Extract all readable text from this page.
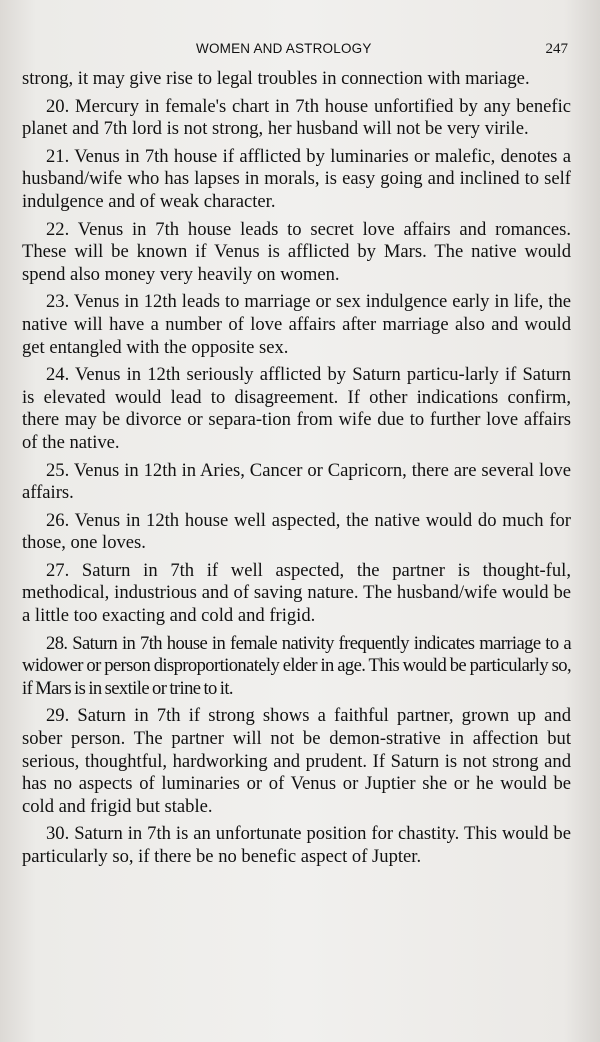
WOMEN AND ASTROLOGY	247

strong, it may give rise to legal troubles in connection with mariage.

20. Mercury in female's chart in 7th house unfortified by any benefic planet and 7th lord is not strong, her husband will not be very virile.

21. Venus in 7th house if afflicted by luminaries or malefic, denotes a husband/wife who has lapses in morals, is easy going and inclined to self indulgence and of weak character.

22. Venus in 7th house leads to secret love affairs and romances. These will be known if Venus is afflicted by Mars. The native would spend also money very heavily on women.

23. Venus in 12th leads to marriage or sex indulgence early in life, the native will have a number of love affairs after marriage also and would get entangled with the opposite sex.

24. Venus in 12th seriously afflicted by Saturn particu-larly if Saturn is elevated would lead to disagreement. If other indications confirm, there may be divorce or separa-tion from wife due to further love affairs of the native.

25. Venus in 12th in Aries, Cancer or Capricorn, there are several love affairs.

26. Venus in 12th house well aspected, the native would do much for those, one loves.

27. Saturn in 7th if well aspected, the partner is thought-ful, methodical, industrious and of saving nature. The husband/wife would be a little too exacting and cold and frigid.

28. Saturn in 7th house in female nativity frequently indicates marriage to a widower or person disproportionately elder in age. This would be particularly so, if Mars is in sextile or trine to it.

29. Saturn in 7th if strong shows a faithful partner, grown up and sober person. The partner will not be demon-strative in affection but serious, thoughtful, hardworking and prudent. If Saturn is not strong and has no aspects of luminaries or of Venus or Juptier she or he would be cold and frigid but stable.

30. Saturn in 7th is an unfortunate position for chastity. This would be particularly so, if there be no benefic aspect of Jupter.
